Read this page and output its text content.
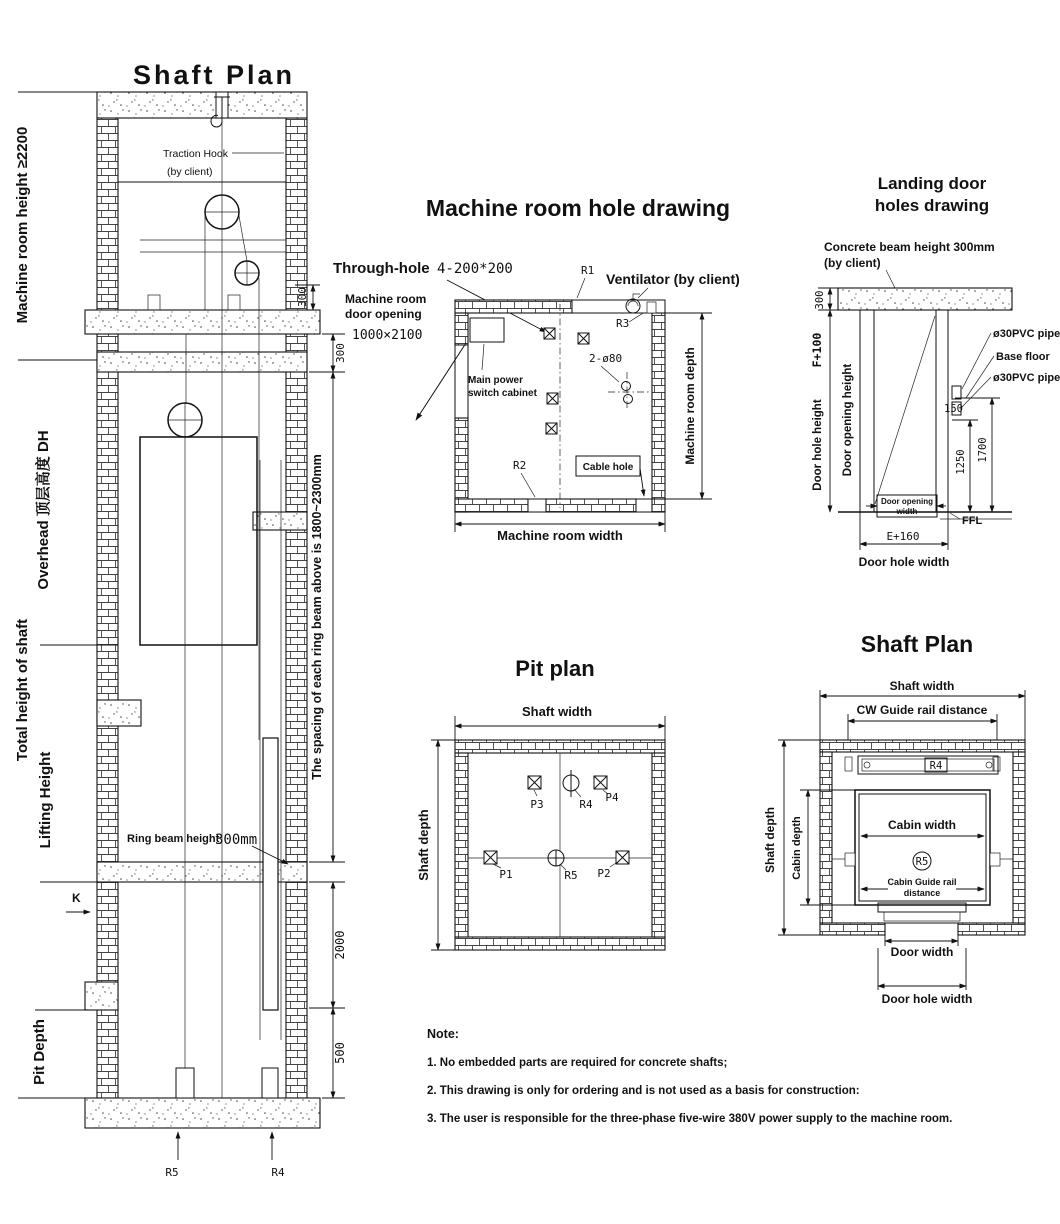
Shaft Plan
Traction Hook
(by client)
Ring beam height
300mm
K
Machine room height ≥2200
Overhead 顶层高度 DH
Total height of shaft
Lifting Height
Pit Depth
300
300
The spacing of each ring beam above is 1800~2300mm
2000
500
R5	R4
Machine room hole drawing
Through-hole 4-200*200	R1
Ventilator (by client)
R3
Machine room
door opening
1000×2100
Main power
switch cabinet
2-ø80
R2	Cable hole
Machine room depth
Machine room width
Landing door
holes drawing
Concrete beam height 300mm
(by client)
ø30PVC pipe
Base floor
ø30PVC pipe
150
1250 1700
Door opening
width
FFL
E+160
Door hole width
300
F+100
Door hole height Door opening height
Pit plan
Shaft width
P3	R4
P4
P1	R5 P2
Shaft depth
Shaft Plan
Shaft width
CW Guide rail distance
R4
Cabin width
R5
Cabin Guide rail
distance
Door width
Door hole width
Shaft depth Cabin depth
Note:
1. No embedded parts are required for concrete shafts;
2. This drawing is only for ordering and is not used as a basis for construction:
3. The user is responsible for the three-phase five-wire 380V power supply to the machine room.
